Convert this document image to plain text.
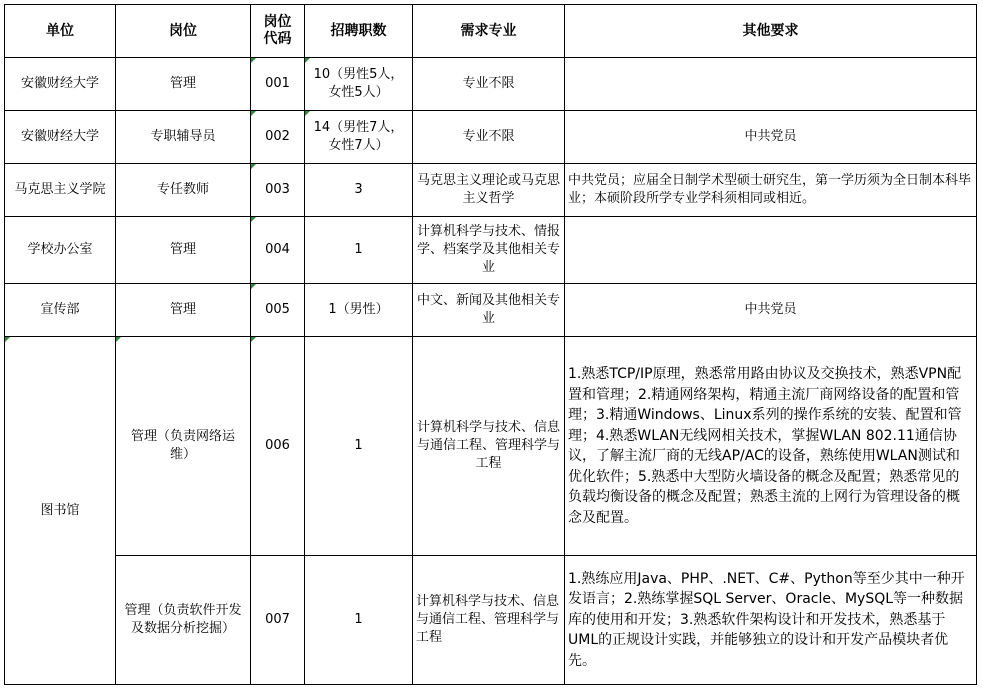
单位	岗位	岗位代码	招聘职数	需求专业	其他要求
安徽财经大学	管理	001	10（男性5人，女性5人）	专业不限	
安徽财经大学	专职辅导员	002	14（男性7人，女性7人）	专业不限	中共党员
马克思主义学院	专任教师	003	3	马克思主义理论或马克思主义哲学	中共党员；应届全日制学术型硕士研究生，第一学历须为全日制本科毕业；本硕阶段所学专业学科须相同或相近。
学校办公室	管理	004	1	计算机科学与技术、情报学、档案学及其他相关专业	
宣传部	管理	005	1（男性）	中文、新闻及其他相关专业	中共党员

图书馆	管理（负责网络运维）	006	1	计算机科学与技术、信息与通信工程、管理科学与工程	1.熟悉TCP/IP原理，熟悉常用路由协议及交换技术，熟悉VPN配置和管理；2.精通网络架构，精通主流厂商网络设备的配置和管理；3.精通Windows、Linux系列的操作系统的安装、配置和管理；4.熟悉WLAN无线网相关技术，掌握WLAN 802.11通信协议，了解主流厂商的无线AP/AC的设备，熟练使用WLAN测试和优化软件；5.熟悉中大型防火墙设备的概念及配置；熟悉常见的负载均衡设备的概念及配置；熟悉主流的上网行为管理设备的概念及配置。
	管理（负责软件开发及数据分析挖掘）	007	1	计算机科学与技术、信息与通信工程、管理科学与工程	1.熟练应用Java、PHP、.NET、C#、Python等至少其中一种开发语言；2.熟练掌握SQL Server、Oracle、MySQL等一种数据库的使用和开发；3.熟悉软件架构设计和开发技术，熟悉基于UML的正规设计实践，并能够独立的设计和开发产品模块者优先。
